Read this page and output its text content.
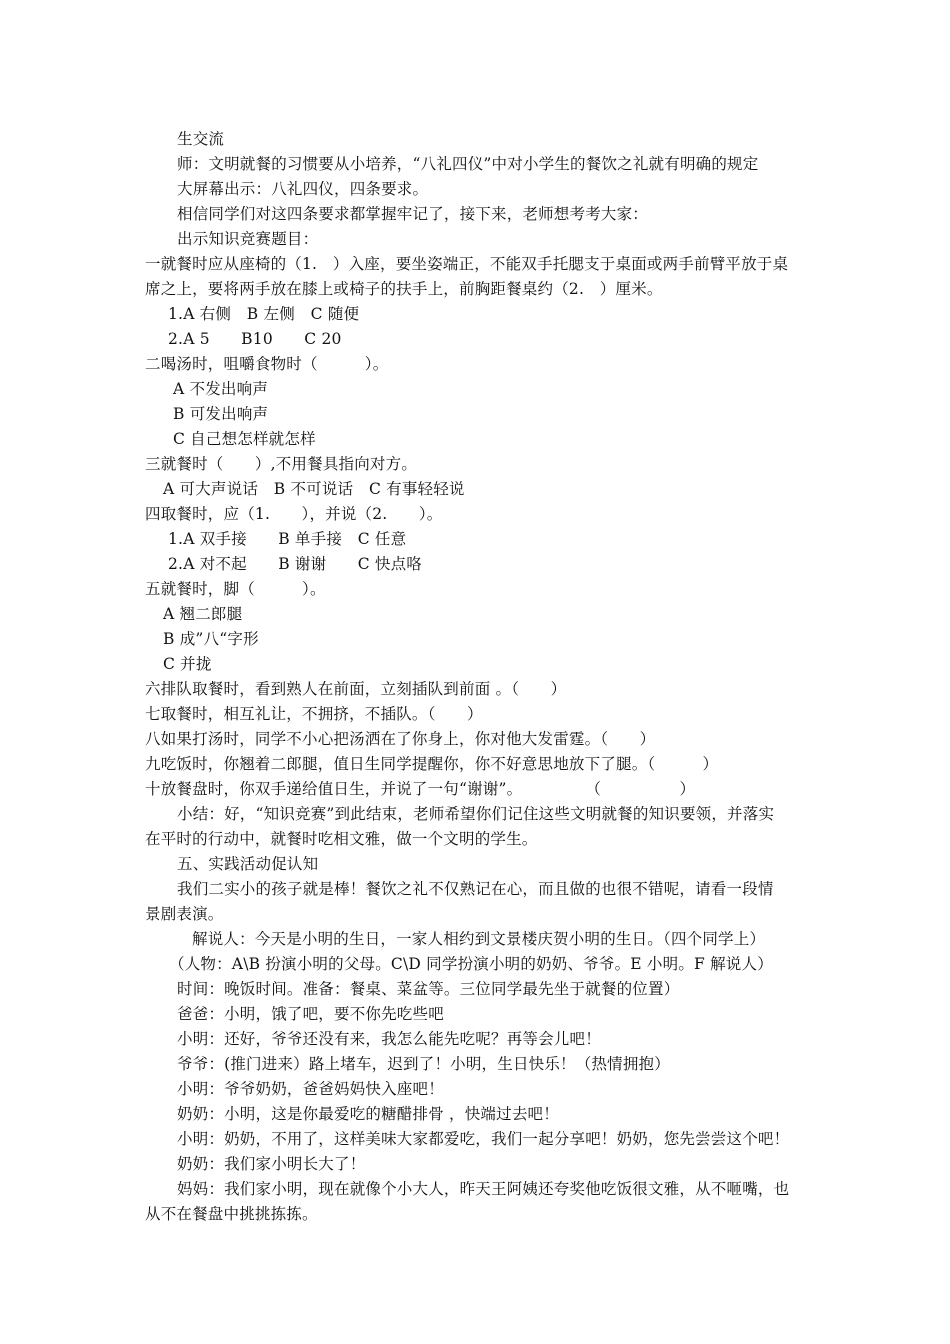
生交流
师：文明就餐的习惯要从小培养，“八礼四仪”中对小学生的餐饮之礼就有明确的规定
大屏幕出示：八礼四仪，四条要求。
相信同学们对这四条要求都掌握牢记了，接下来，老师想考考大家：
出示知识竞赛题目：
一就餐时应从座椅的（1.　）入座，要坐姿端正，不能双手托腮支于桌面或两手前臂平放于桌
席之上，要将两手放在膝上或椅子的扶手上，前胸距餐桌约（2.　）厘米。
1.A 右侧　B 左侧　C 随便
2.A 5　　B10　　C 20
二喝汤时，咀嚼食物时（　　　）。
A 不发出响声
B 可发出响声
C 自己想怎样就怎样
三就餐时（　　）,不用餐具指向对方。
A 可大声说话　B 不可说话　C 有事轻轻说
四取餐时，应（1.　　），并说（2.　　）。
1.A 双手接　　B 单手接　C 任意
2.A 对不起　　B 谢谢　　C 快点咯
五就餐时，脚（　　　）。
A 翘二郎腿
B 成”八“字形
C 并拢
六排队取餐时，看到熟人在前面，立刻插队到前面 。（　　）
七取餐时，相互礼让，不拥挤，不插队。（　　）
八如果打汤时，同学不小心把汤洒在了你身上，你对他大发雷霆。（　　）
九吃饭时，你翘着二郎腿，值日生同学提醒你，你不好意思地放下了腿。（　　　）
十放餐盘时，你双手递给值日生，并说了一句“谢谢”。　　　　　（　　　　　）
小结：好，“知识竞赛”到此结束，老师希望你们记住这些文明就餐的知识要领，并落实
在平时的行动中，就餐时吃相文雅，做一个文明的学生。
五、实践活动促认知
我们二实小的孩子就是棒！餐饮之礼不仅熟记在心，而且做的也很不错呢，请看一段情
景剧表演。
解说人：今天是小明的生日，一家人相约到文景楼庆贺小明的生日。（四个同学上）
（人物：A\B 扮演小明的父母。C\D 同学扮演小明的奶奶、爷爷。E 小明。F 解说人）
时间：晚饭时间。准备：餐桌、菜盆等。三位同学最先坐于就餐的位置）
爸爸：小明，饿了吧，要不你先吃些吧
小明：还好，爷爷还没有来，我怎么能先吃呢？再等会儿吧！
爷爷：(推门进来）路上堵车，迟到了！小明，生日快乐！（热情拥抱）
小明：爷爷奶奶，爸爸妈妈快入座吧！
奶奶：小明，这是你最爱吃的糖醋排骨 ，快端过去吧！
小明：奶奶，不用了，这样美味大家都爱吃，我们一起分享吧！奶奶，您先尝尝这个吧！
奶奶：我们家小明长大了！
妈妈：我们家小明，现在就像个小大人，昨天王阿姨还夸奖他吃饭很文雅，从不咂嘴，也
从不在餐盘中挑挑拣拣。
